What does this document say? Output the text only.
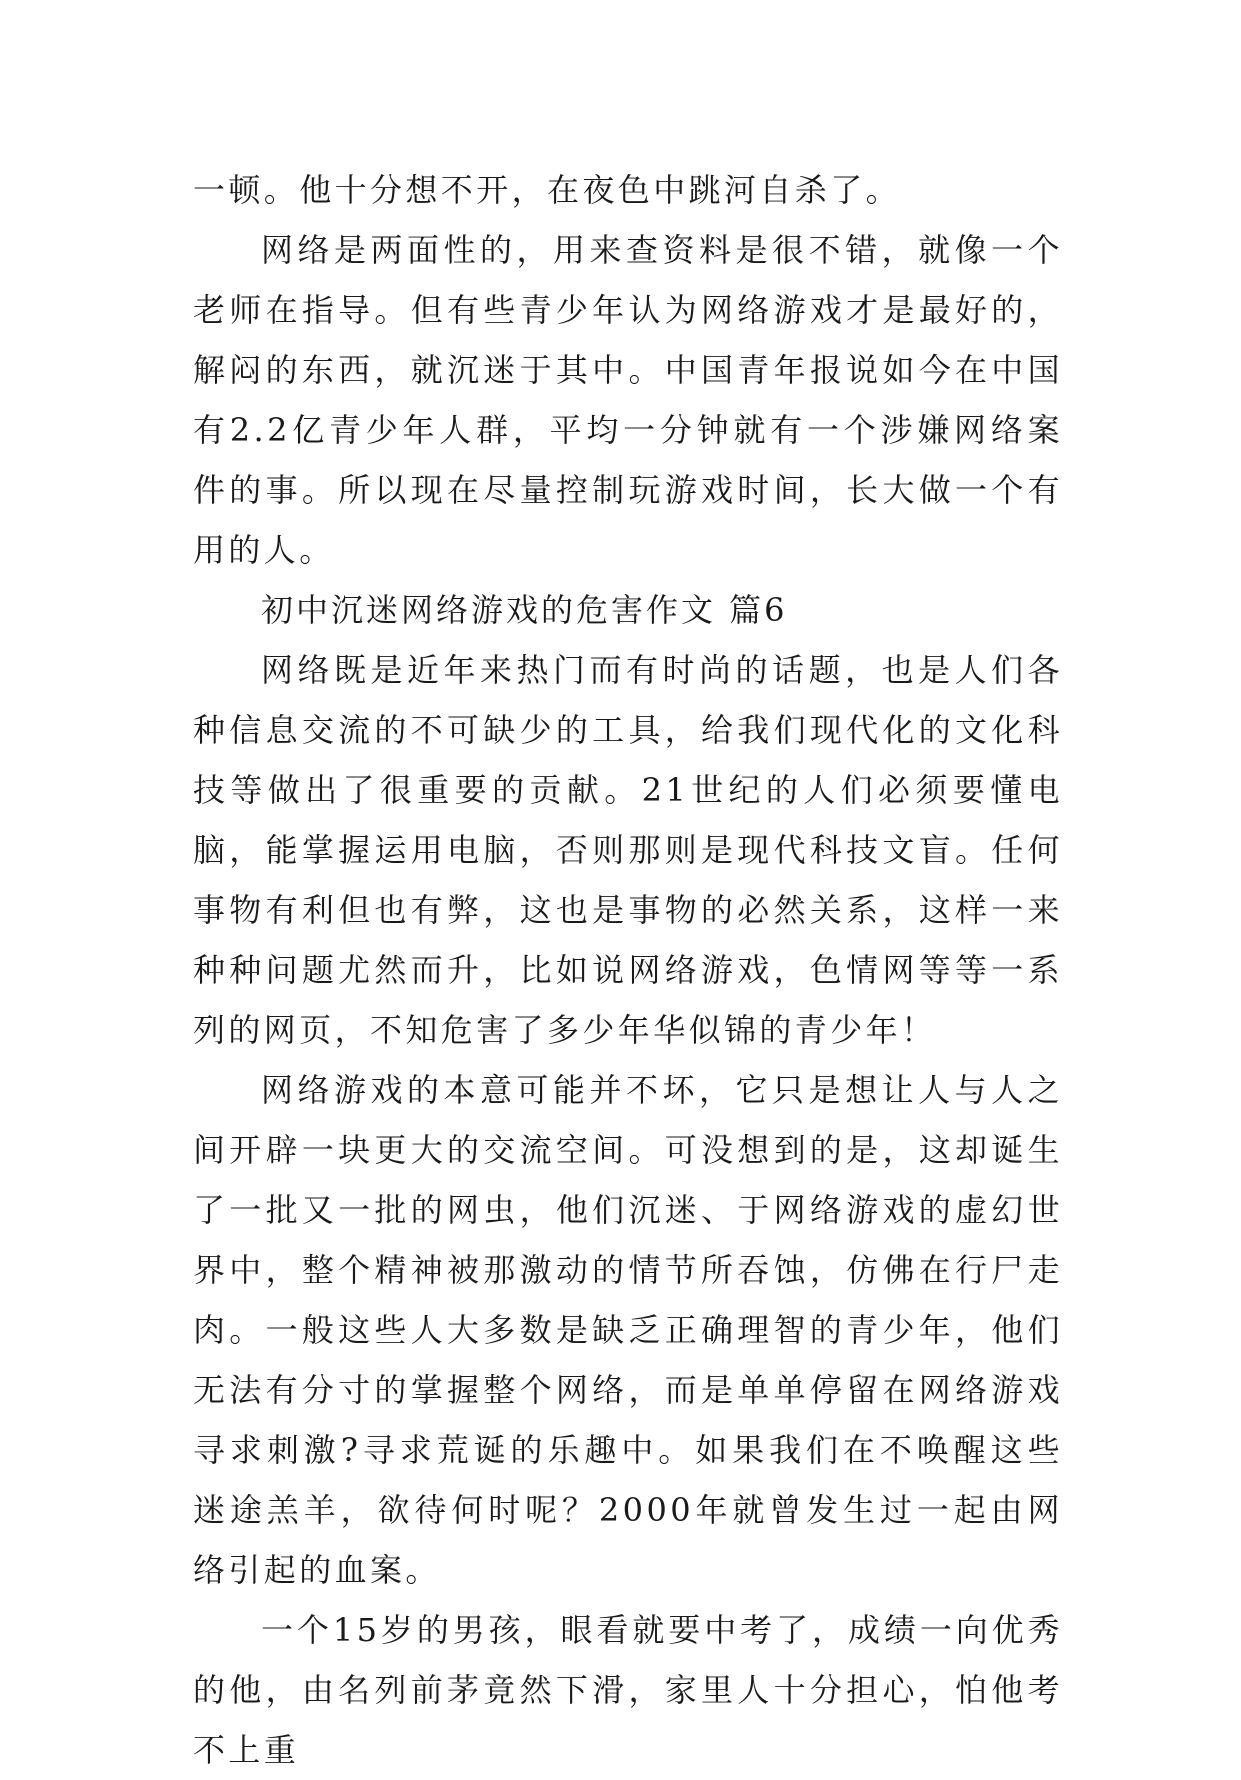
一顿。他十分想不开，在夜色中跳河自杀了。

网络是两面性的，用来查资料是很不错，就像一个老师在指导。但有些青少年认为网络游戏才是最好的，解闷的东西，就沉迷于其中。中国青年报说如今在中国有2.2亿青少年人群，平均一分钟就有一个涉嫌网络案件的事。所以现在尽量控制玩游戏时间，长大做一个有用的人。

初中沉迷网络游戏的危害作文 篇6

网络既是近年来热门而有时尚的话题，也是人们各种信息交流的不可缺少的工具，给我们现代化的文化科技等做出了很重要的贡献。21世纪的人们必须要懂电脑，能掌握运用电脑，否则那则是现代科技文盲。任何事物有利但也有弊，这也是事物的必然关系，这样一来种种问题尤然而升，比如说网络游戏，色情网等等一系列的网页，不知危害了多少年华似锦的青少年！

网络游戏的本意可能并不坏，它只是想让人与人之间开辟一块更大的交流空间。可没想到的是，这却诞生了一批又一批的网虫，他们沉迷、于网络游戏的虚幻世界中，整个精神被那激动的情节所吞蚀，仿佛在行尸走肉。一般这些人大多数是缺乏正确理智的青少年，他们无法有分寸的掌握整个网络，而是单单停留在网络游戏寻求刺激?寻求荒诞的乐趣中。如果我们在不唤醒这些迷途羔羊，欲待何时呢？2000年就曾发生过一起由网络引起的血案。

一个15岁的男孩，眼看就要中考了，成绩一向优秀的他，由名列前茅竟然下滑，家里人十分担心，怕他考不上重
